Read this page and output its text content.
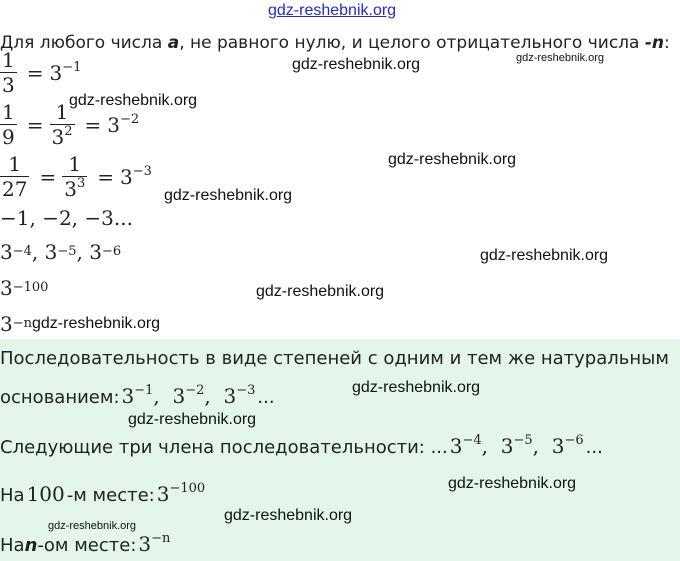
gdz-reshebnik.org
Для любого числа a, не равного нулю, и целого отрицательного числа -n:
$\frac{1}{3} = 3^{-1}$
$\frac{1}{9} = \frac{1}{3^2} = 3^{-2}$
$\frac{1}{27} = \frac{1}{3^3} = 3^{-3}$
−1, −2, −3...
3 −4 , 3 −5 , 3 −6
3 −100
3 −n
Последовательность в виде степеней с одним и тем же натуральным
основанием: $3^{-1}$,  $3^{-2}$,  $3^{-3}$ ...
Следующие три члена последовательности: ... $3^{-4}$,  $3^{-5}$,  $3^{-6}$ ...
На 100 -м месте: $3^{-100}$
На n -ом месте: $3^{-n}$
gdz-reshebnik.org	gdz-reshebnik.org
gdz-reshebnik.org
gdz-reshebnik.org
gdz-reshebnik.org
gdz-reshebnik.org
gdz-reshebnik.org
gdz-reshebnik.org
gdz-reshebnik.org
gdz-reshebnik.org
gdz-reshebnik.org
gdz-reshebnik.org
gdz-reshebnik.org
